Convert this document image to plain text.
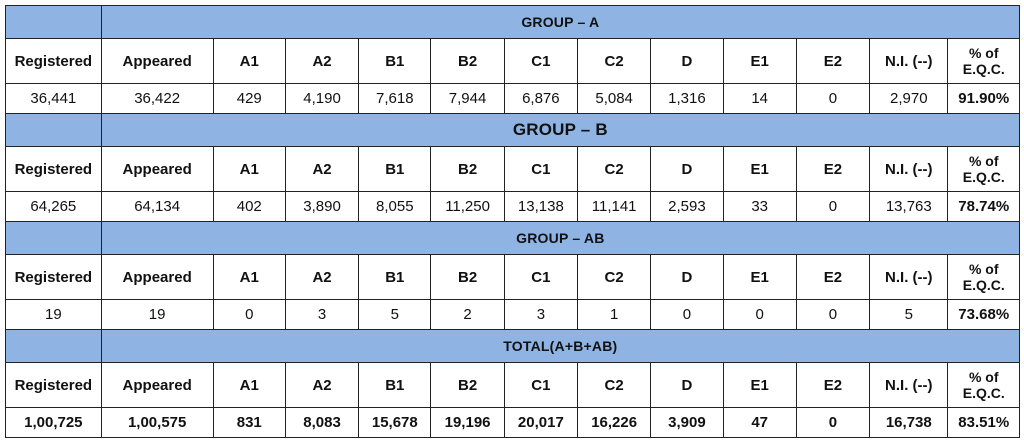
	GROUP – A											
Registered	Appeared	A1	A2	B1	B2	C1	C2	D	E1	E2	N.I. (--)	% of E.Q.C.
36,441	36,422	429	4,190	7,618	7,944	6,876	5,084	1,316	14	0	2,970	91.90%
	GROUP – B											
Registered	Appeared	A1	A2	B1	B2	C1	C2	D	E1	E2	N.I. (--)	% of E.Q.C.
64,265	64,134	402	3,890	8,055	11,250	13,138	11,141	2,593	33	0	13,763	78.74%
	GROUP – AB											
Registered	Appeared	A1	A2	B1	B2	C1	C2	D	E1	E2	N.I. (--)	% of E.Q.C.
19	19	0	3	5	2	3	1	0	0	0	5	73.68%
	TOTAL(A+B+AB)											
Registered	Appeared	A1	A2	B1	B2	C1	C2	D	E1	E2	N.I. (--)	% of E.Q.C.
1,00,725	1,00,575	831	8,083	15,678	19,196	20,017	16,226	3,909	47	0	16,738	83.51%
